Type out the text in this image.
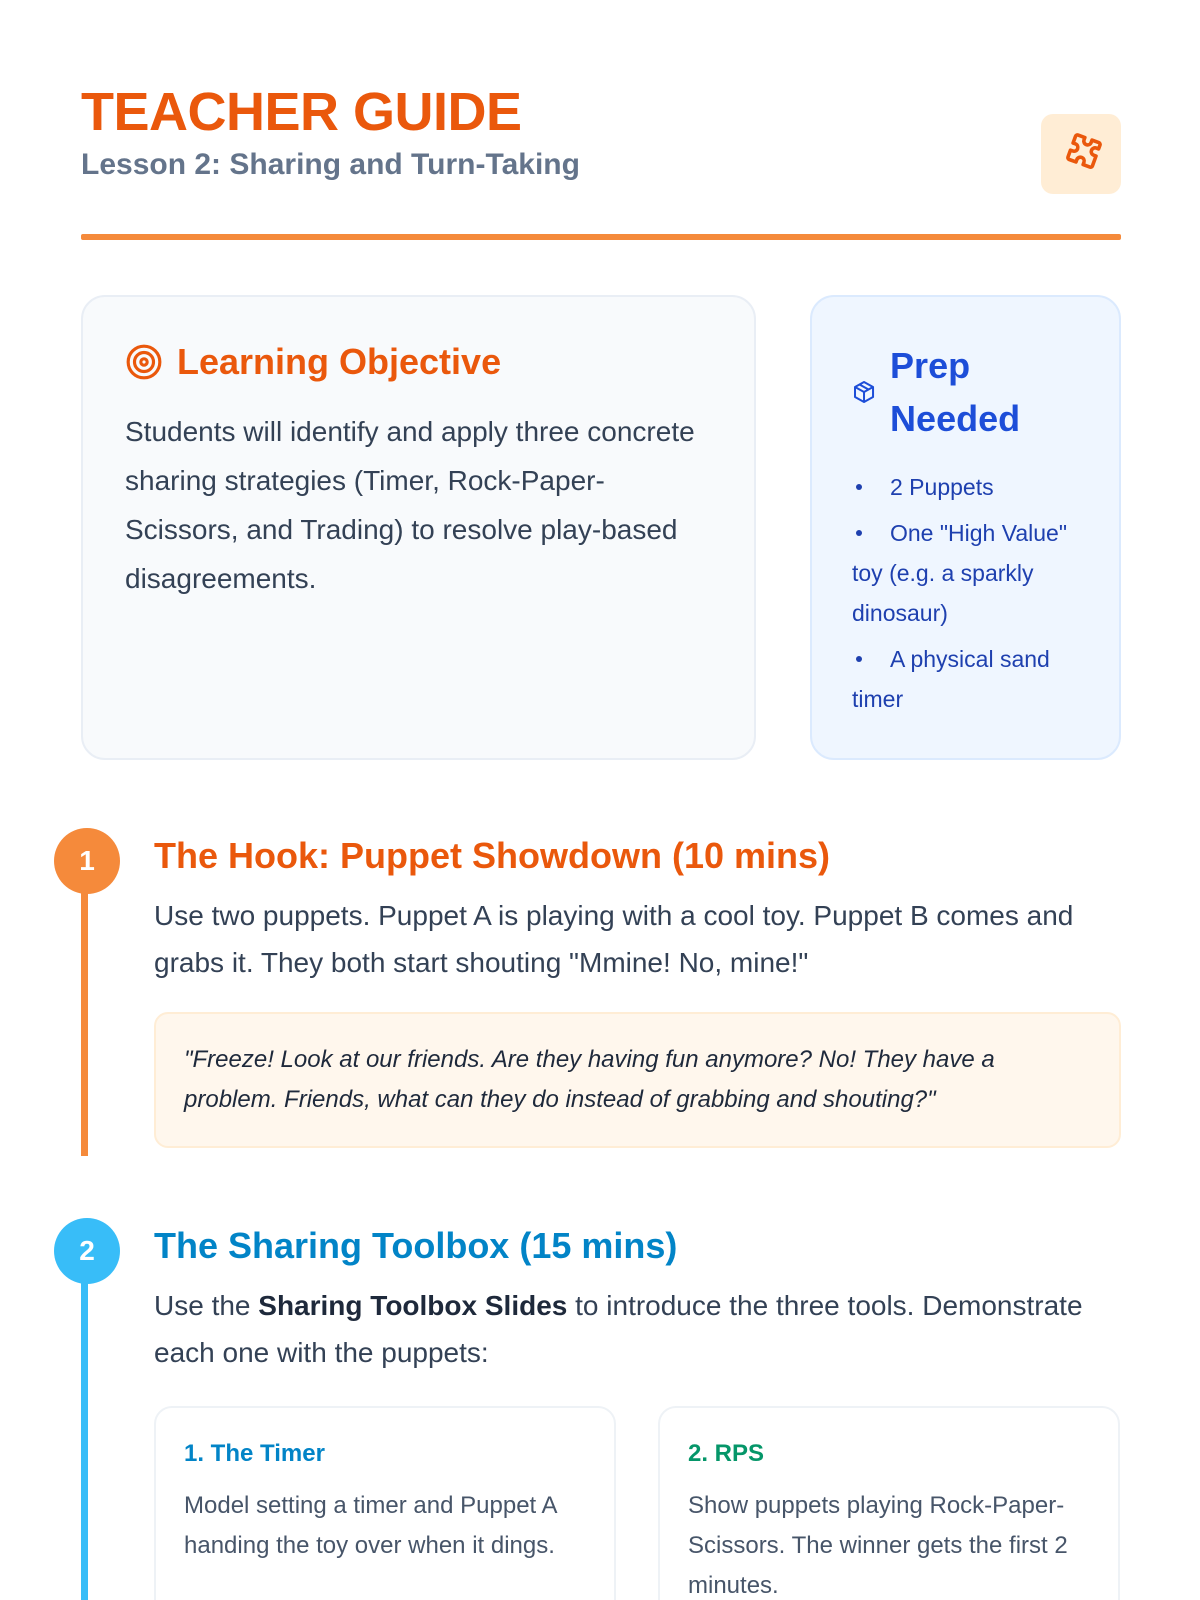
TEACHER GUIDE
Lesson 2: Sharing and Turn-Taking
Learning Objective

Students will identify and apply three concrete sharing strategies (Timer, Rock-Paper-Scissors, and Trading) to resolve play-based disagreements.

Prep Needed
2 Puppets
One "High Value" toy (e.g. a sparkly dinosaur)
A physical sand timer
1	The Hook: Puppet Showdown (10 mins)

Use two puppets. Puppet A is playing with a cool toy. Puppet B comes and grabs it. They both start shouting "Mmine! No, mine!"

"Freeze! Look at our friends. Are they having fun anymore? No! They have a problem. Friends, what can they do instead of grabbing and shouting?"
2	The Sharing Toolbox (15 mins)

Use the Sharing Toolbox Slides to introduce the three tools. Demonstrate each one with the puppets:

1. The Timer

Model setting a timer and Puppet A handing the toy over when it dings.

2. RPS

Show puppets playing Rock-Paper-Scissors. The winner gets the first 2 minutes.
